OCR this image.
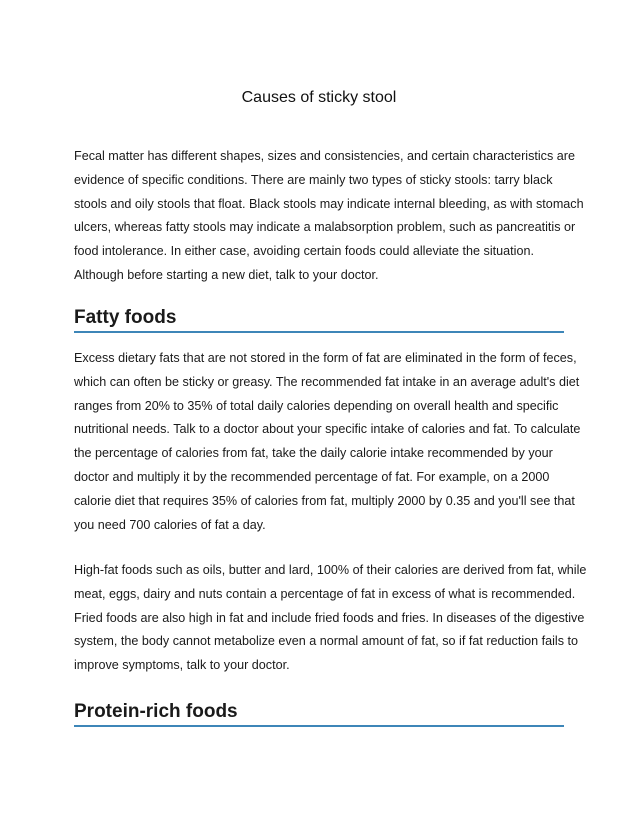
Causes of sticky stool

Fecal matter has different shapes, sizes and consistencies, and certain characteristics are
evidence of specific conditions. There are mainly two types of sticky stools: tarry black
stools and oily stools that float. Black stools may indicate internal bleeding, as with stomach
ulcers, whereas fatty stools may indicate a malabsorption problem, such as pancreatitis or
food intolerance. In either case, avoiding certain foods could alleviate the situation.
Although before starting a new diet, talk to your doctor.

Fatty foods

Excess dietary fats that are not stored in the form of fat are eliminated in the form of feces,
which can often be sticky or greasy. The recommended fat intake in an average adult's diet
ranges from 20% to 35% of total daily calories depending on overall health and specific
nutritional needs. Talk to a doctor about your specific intake of calories and fat. To calculate
the percentage of calories from fat, take the daily calorie intake recommended by your
doctor and multiply it by the recommended percentage of fat. For example, on a 2000
calorie diet that requires 35% of calories from fat, multiply 2000 by 0.35 and you'll see that
you need 700 calories of fat a day.

High-fat foods such as oils, butter and lard, 100% of their calories are derived from fat, while
meat, eggs, dairy and nuts contain a percentage of fat in excess of what is recommended.
Fried foods are also high in fat and include fried foods and fries. In diseases of the digestive
system, the body cannot metabolize even a normal amount of fat, so if fat reduction fails to
improve symptoms, talk to your doctor.

Protein-rich foods
